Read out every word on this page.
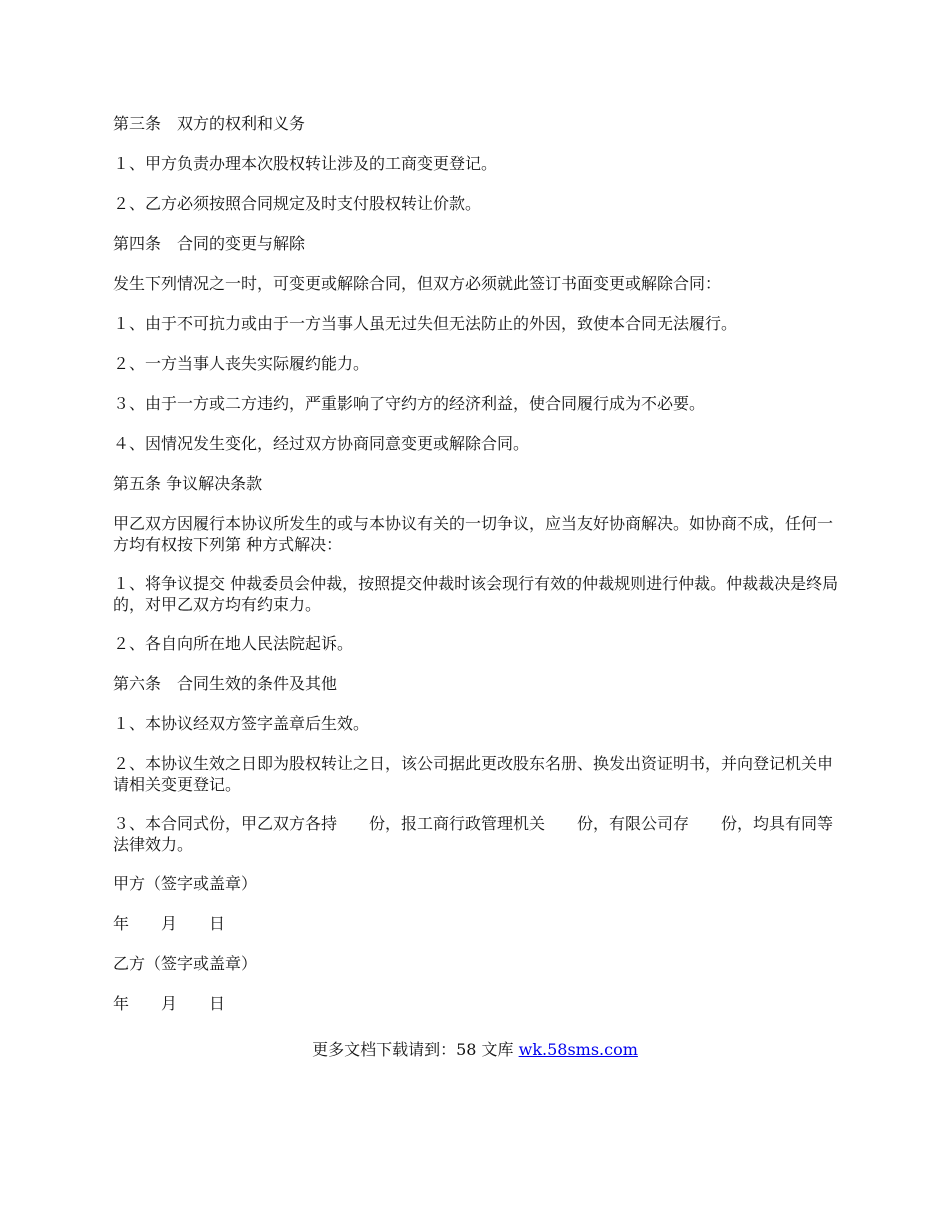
第三条　双方的权利和义务

１、甲方负责办理本次股权转让涉及的工商变更登记。

２、乙方必须按照合同规定及时支付股权转让价款。

第四条　合同的变更与解除

发生下列情况之一时，可变更或解除合同，但双方必须就此签订书面变更或解除合同：

１、由于不可抗力或由于一方当事人虽无过失但无法防止的外因，致使本合同无法履行。

２、一方当事人丧失实际履约能力。

３、由于一方或二方违约，严重影响了守约方的经济利益，使合同履行成为不必要。

４、因情况发生变化，经过双方协商同意变更或解除合同。

第五条 争议解决条款

甲乙双方因履行本协议所发生的或与本协议有关的一切争议，应当友好协商解决。如协商不成，任何一方均有权按下列第 种方式解决：

１、将争议提交 仲裁委员会仲裁，按照提交仲裁时该会现行有效的仲裁规则进行仲裁。仲裁裁决是终局的，对甲乙双方均有约束力。

２、各自向所在地人民法院起诉。

第六条　合同生效的条件及其他

１、本协议经双方签字盖章后生效。

２、本协议生效之日即为股权转让之日，该公司据此更改股东名册、换发出资证明书，并向登记机关申请相关变更登记。

３、本合同式份，甲乙双方各持　　份，报工商行政管理机关　　份，有限公司存　　份，均具有同等法律效力。

甲方（签字或盖章）

年　　月　　日

乙方（签字或盖章）

年　　月　　日

更多文档下载请到：58 文库 wk.58sms.com
